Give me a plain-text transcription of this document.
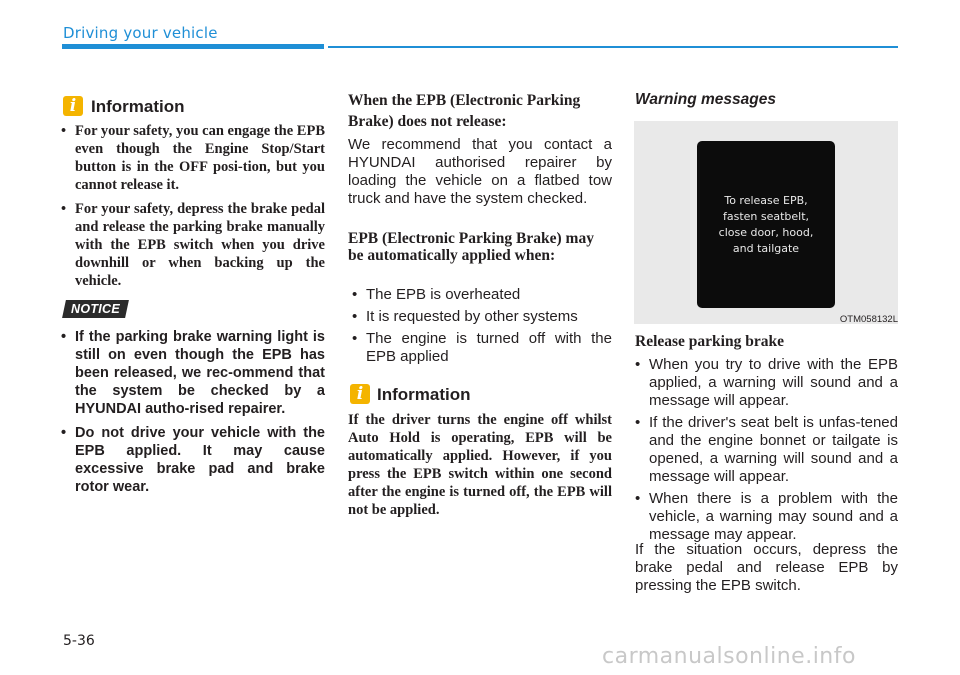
Driving your vehicle
i Information
• For your safety, you can engage the EPB even though the Engine Stop/Start button is in the OFF posi-tion, but you cannot release it.
• For your safety, depress the brake pedal and release the parking brake manually with the EPB switch when you drive downhill or when backing up the vehicle.
NOTICE
• If the parking brake warning light is still on even though the EPB has been released, we rec-ommend that the system be checked by a HYUNDAI autho-rised repairer.
• Do not drive your vehicle with the EPB applied. It may cause excessive brake pad and brake rotor wear.
When the EPB (Electronic Parking Brake) does not release:
We recommend that you contact a HYUNDAI authorised repairer by loading the vehicle on a flatbed tow truck and have the system checked.
EPB (Electronic Parking Brake) may be automatically applied when:
• The EPB is overheated
• It is requested by other systems
• The engine is turned off with the EPB applied
i Information
If the driver turns the engine off whilst Auto Hold is operating, EPB will be automatically applied. However, if you press the EPB switch within one second after the engine is turned off, the EPB will not be applied.
Warning messages
To release EPB,
fasten seatbelt,
close door, hood,
and tailgate
OTM058132L
Release parking brake
• When you try to drive with the EPB applied, a warning will sound and a message will appear.
• If the driver's seat belt is unfas-tened and the engine bonnet or tailgate is opened, a warning will sound and a message will appear.
• When there is a problem with the vehicle, a warning may sound and a message may appear.
If the situation occurs, depress the brake pedal and release EPB by pressing the EPB switch.
5-36
carmanualsonline.info
